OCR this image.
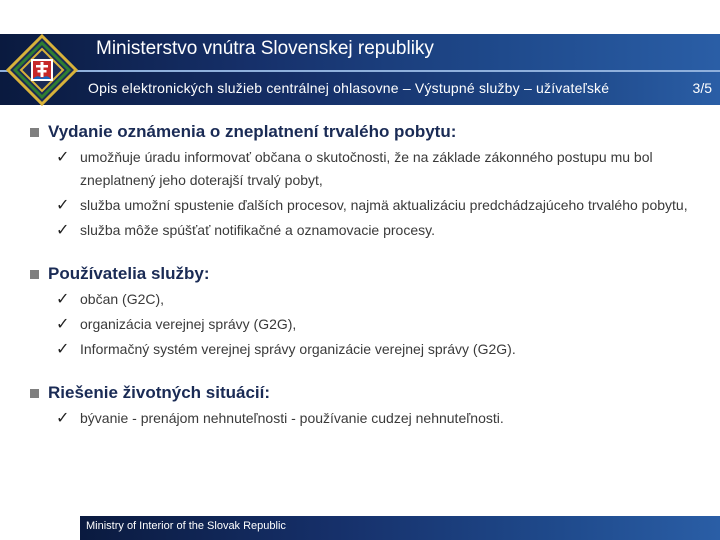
Ministerstvo vnútra Slovenskej republiky
Opis elektronických služieb centrálnej ohlasovne – Výstupné služby – užívateľské	3/5
Vydanie oznámenia o zneplatnení trvalého pobytu:
✓ umožňuje úradu informovať občana o skutočnosti, že na základe zákonného postupu mu bol zneplatnený jeho doterajší trvalý pobyt,
✓ služba umožní spustenie ďalších procesov, najmä aktualizáciu predchádzajúceho trvalého pobytu,
✓ služba môže spúšťať notifikačné a oznamovacie procesy.
Používatelia služby:
✓ občan (G2C),
✓ organizácia verejnej správy (G2G),
✓ Informačný systém verejnej správy organizácie verejnej správy (G2G).
Riešenie životných situácií:
✓ bývanie - prenájom nehnuteľnosti - používanie cudzej nehnuteľnosti.
Ministry of Interior of the Slovak Republic
